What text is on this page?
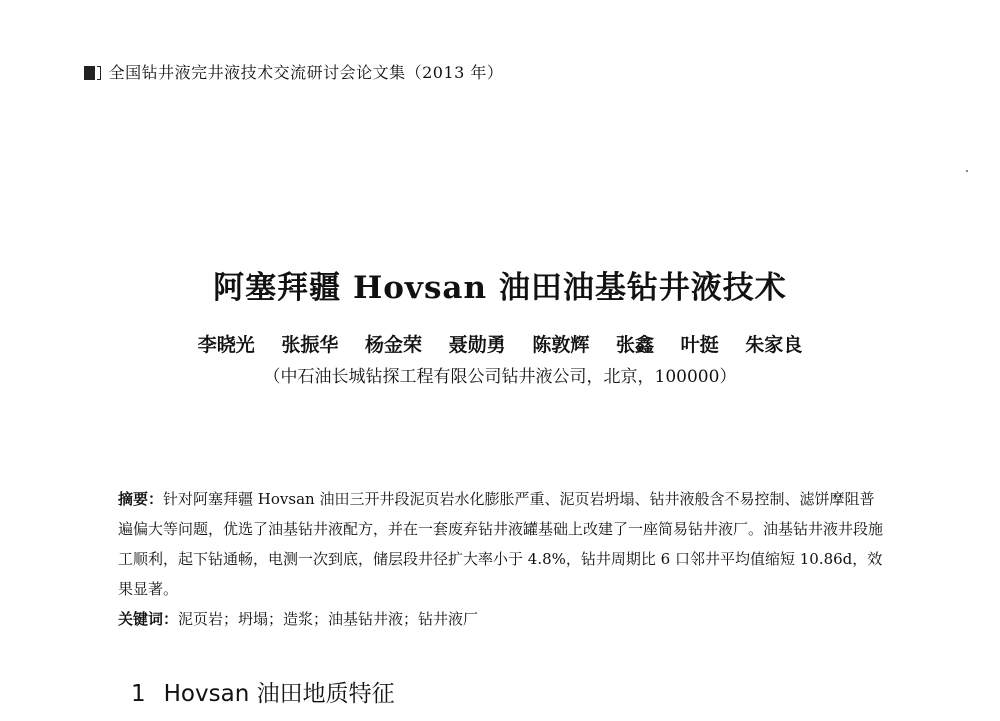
全国钻井液完井液技术交流研讨会论文集（2013 年）
阿塞拜疆 Hovsan 油田油基钻井液技术
李晓光 张振华 杨金荣 聂勋勇 陈敦辉 张鑫 叶挺 朱家良
（中石油长城钻探工程有限公司钻井液公司，北京，100000）
摘要：针对阿塞拜疆 Hovsan 油田三开井段泥页岩水化膨胀严重、泥页岩坍塌、钻井液般含不易控制、滤饼摩阻普遍偏大等问题，优选了油基钻井液配方，并在一套废弃钻井液罐基础上改建了一座简易钻井液厂。油基钻井液井段施工顺利，起下钻通畅，电测一次到底，储层段井径扩大率小于 4.8%，钻井周期比 6 口邻井平均值缩短 10.86d，效果显著。
关键词：泥页岩；坍塌；造浆；油基钻井液；钻井液厂
1 Hovsan 油田地质特征
